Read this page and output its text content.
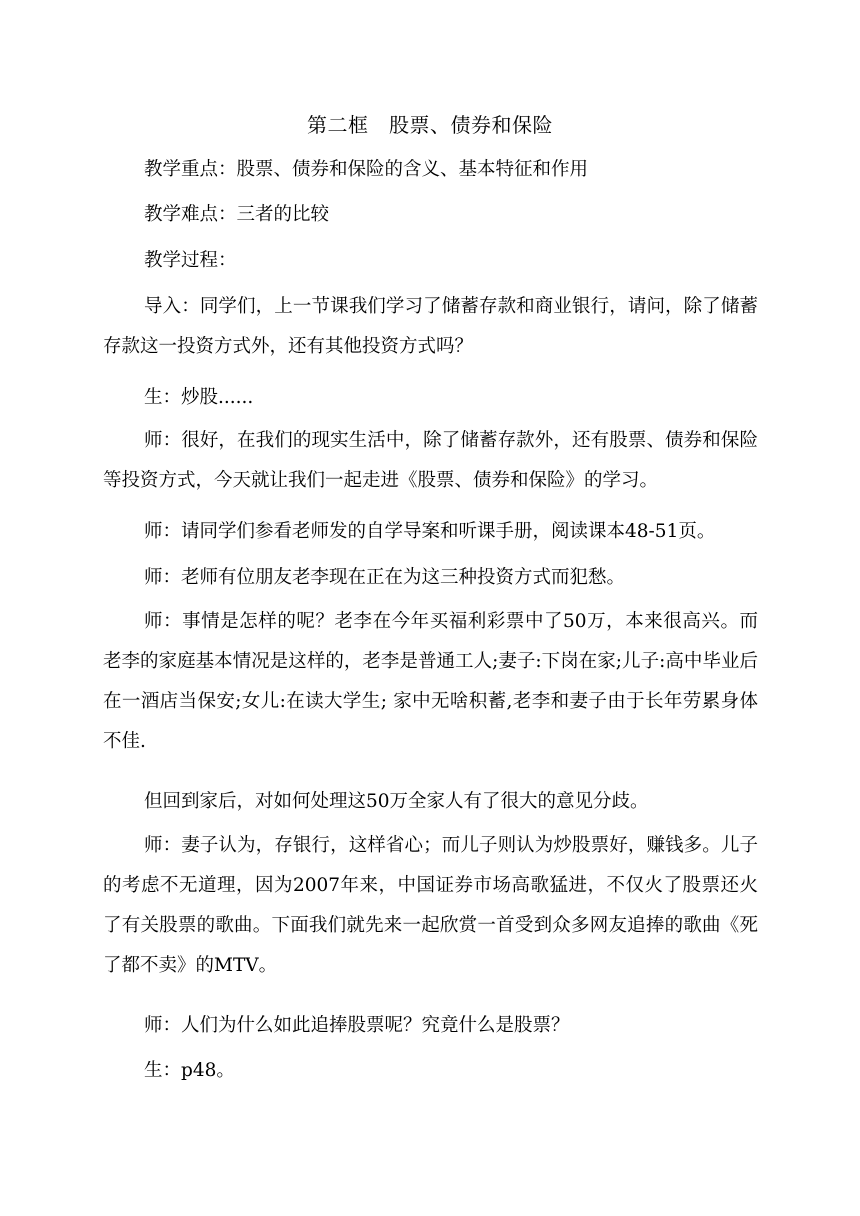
第二框　股票、债券和保险
教学重点：股票、债券和保险的含义、基本特征和作用
教学难点：三者的比较
教学过程：
导入：同学们，上一节课我们学习了储蓄存款和商业银行，请问，除了储蓄存款这一投资方式外，还有其他投资方式吗？
生：炒股......
师：很好，在我们的现实生活中，除了储蓄存款外，还有股票、债券和保险等投资方式，今天就让我们一起走进《股票、债券和保险》的学习。
师：请同学们参看老师发的自学导案和听课手册，阅读课本48-51页。
师：老师有位朋友老李现在正在为这三种投资方式而犯愁。
师：事情是怎样的呢？老李在今年买福利彩票中了50万，本来很高兴。而老李的家庭基本情况是这样的，老李是普通工人;妻子:下岗在家;儿子:高中毕业后在一酒店当保安;女儿:在读大学生; 家中无啥积蓄,老李和妻子由于长年劳累身体不佳.
但回到家后，对如何处理这50万全家人有了很大的意见分歧。
师：妻子认为，存银行，这样省心；而儿子则认为炒股票好，赚钱多。儿子的考虑不无道理，因为2007年来，中国证券市场高歌猛进，不仅火了股票还火了有关股票的歌曲。下面我们就先来一起欣赏一首受到众多网友追捧的歌曲《死了都不卖》的MTV。
师：人们为什么如此追捧股票呢？究竟什么是股票？
生：p48。
